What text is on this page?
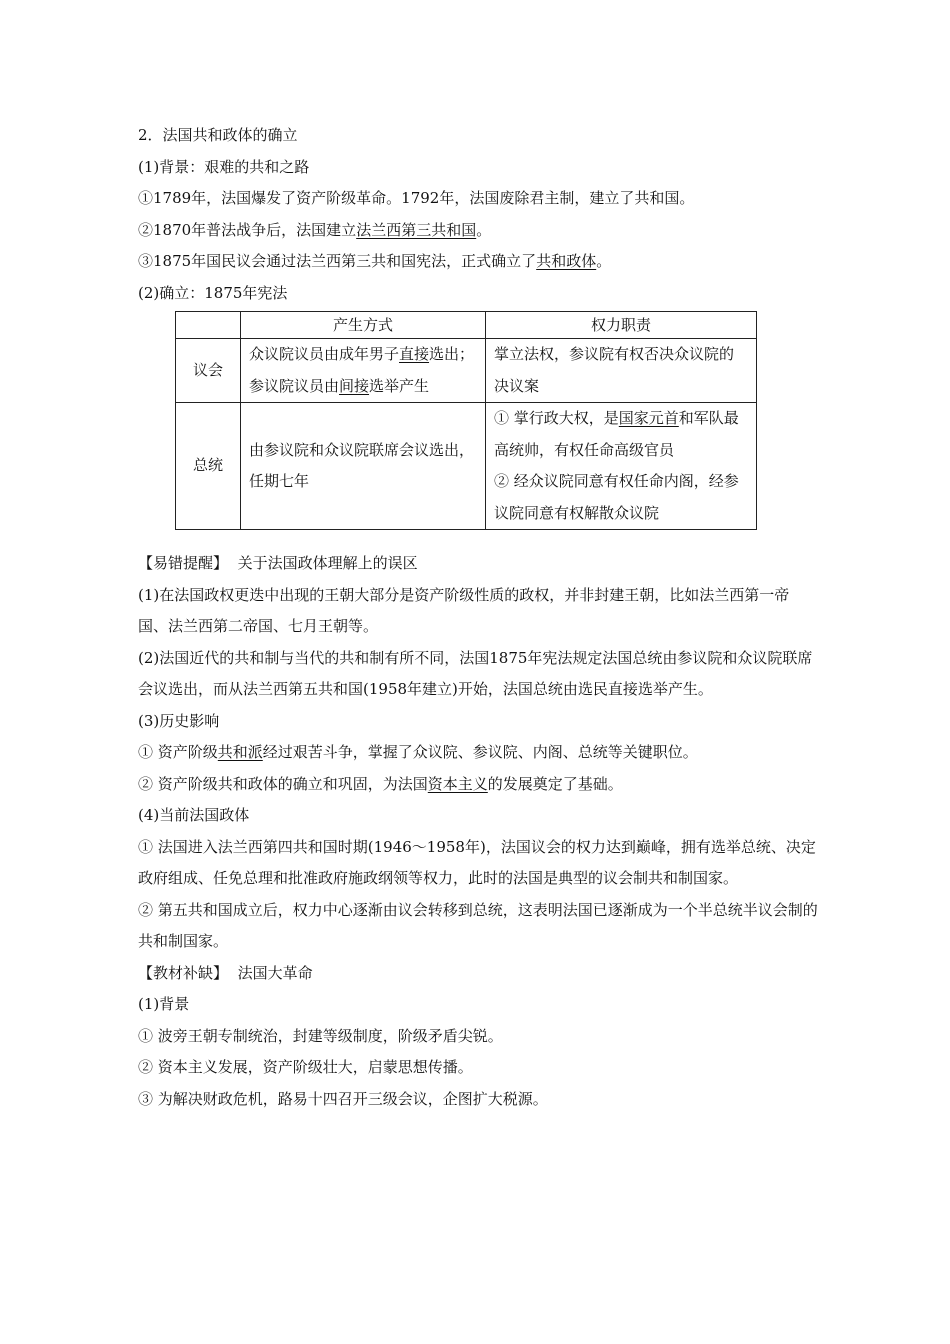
2．法国共和政体的确立
(1)背景：艰难的共和之路
①1789年，法国爆发了资产阶级革命。1792年，法国废除君主制，建立了共和国。
②1870年普法战争后，法国建立法兰西第三共和国。
③1875年国民议会通过法兰西第三共和国宪法，正式确立了共和政体。
(2)确立：1875年宪法
	产生方式	权力职责
议会	众议院议员由成年男子直接选出；参议院议员由间接选举产生	掌立法权，参议院有权否决众议院的决议案
总统	由参议院和众议院联席会议选出，任期七年	① 掌行政大权，是国家元首和军队最高统帅，有权任命高级官员
② 经众议院同意有权任命内阁，经参议院同意有权解散众议院
【易错提醒】 关于法国政体理解上的误区
(1)在法国政权更迭中出现的王朝大部分是资产阶级性质的政权，并非封建王朝，比如法兰西第一帝国、法兰西第二帝国、七月王朝等。
(2)法国近代的共和制与当代的共和制有所不同，法国1875年宪法规定法国总统由参议院和众议院联席会议选出，而从法兰西第五共和国(1958年建立)开始，法国总统由选民直接选举产生。
(3)历史影响
① 资产阶级共和派经过艰苦斗争，掌握了众议院、参议院、内阁、总统等关键职位。
② 资产阶级共和政体的确立和巩固，为法国资本主义的发展奠定了基础。
(4)当前法国政体
① 法国进入法兰西第四共和国时期(1946～1958年)，法国议会的权力达到巅峰，拥有选举总统、决定政府组成、任免总理和批准政府施政纲领等权力，此时的法国是典型的议会制共和制国家。
② 第五共和国成立后，权力中心逐渐由议会转移到总统，这表明法国已逐渐成为一个半总统半议会制的共和制国家。
【教材补缺】 法国大革命
(1)背景
① 波旁王朝专制统治，封建等级制度，阶级矛盾尖锐。
② 资本主义发展，资产阶级壮大，启蒙思想传播。
③ 为解决财政危机，路易十四召开三级会议，企图扩大税源。
